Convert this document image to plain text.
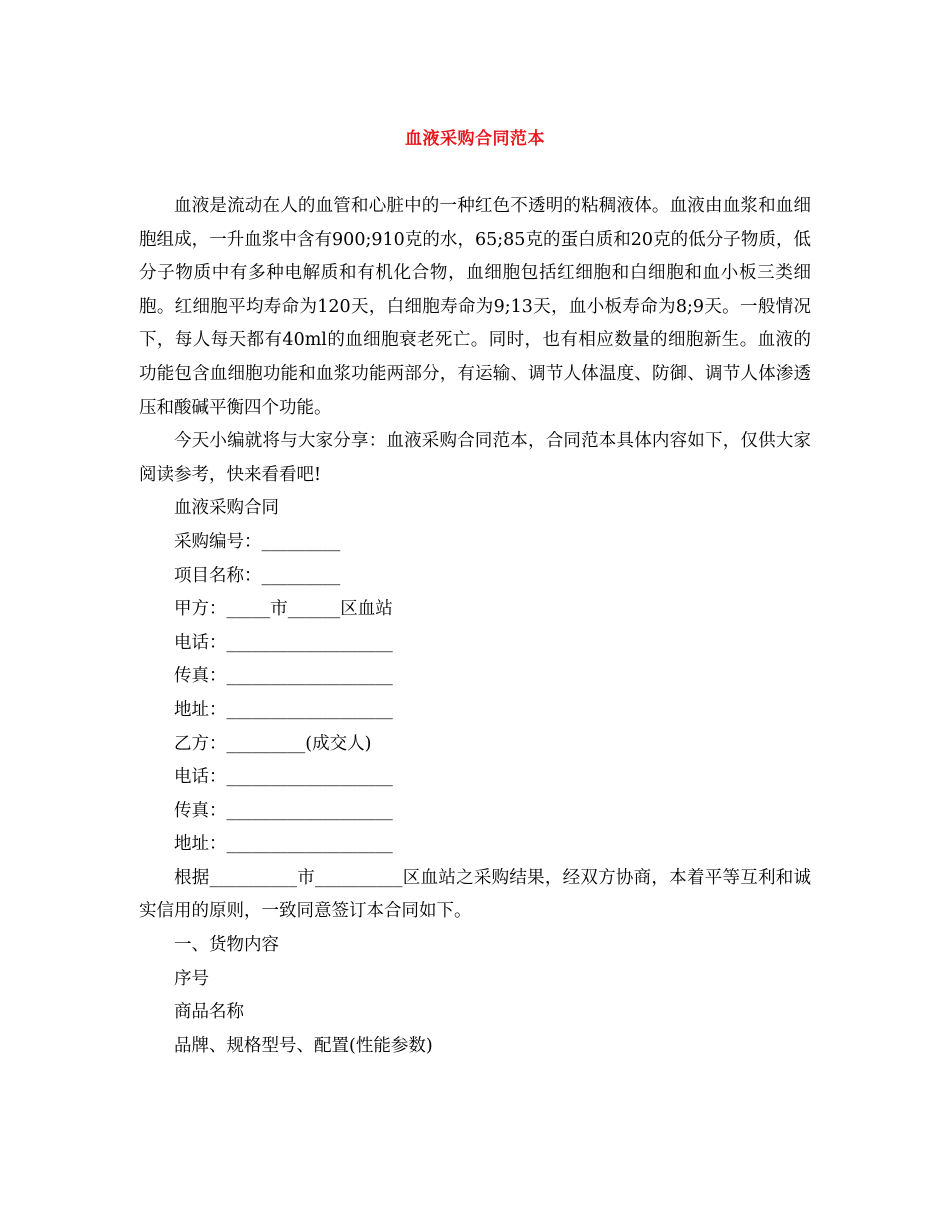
血液采购合同范本

血液是流动在人的血管和心脏中的一种红色不透明的粘稠液体。血液由血浆和血细胞组成，一升血浆中含有900;910克的水，65;85克的蛋白质和20克的低分子物质，低分子物质中有多种电解质和有机化合物，血细胞包括红细胞和白细胞和血小板三类细胞。红细胞平均寿命为120天，白细胞寿命为9;13天，血小板寿命为8;9天。一般情况下，每人每天都有40ml的血细胞衰老死亡。同时，也有相应数量的细胞新生。血液的功能包含血细胞功能和血浆功能两部分，有运输、调节人体温度、防御、调节人体渗透压和酸碱平衡四个功能。

今天小编就将与大家分享：血液采购合同范本，合同范本具体内容如下，仅供大家阅读参考，快来看看吧!

血液采购合同

采购编号：_________

项目名称：_________

甲方：_____市______区血站

电话：___________________

传真：___________________

地址：___________________

乙方：_________(成交人)

电话：___________________

传真：___________________

地址：___________________

根据__________市__________区血站之采购结果，经双方协商，本着平等互利和诚实信用的原则，一致同意签订本合同如下。

一、货物内容

序号

商品名称

品牌、规格型号、配置(性能参数)
